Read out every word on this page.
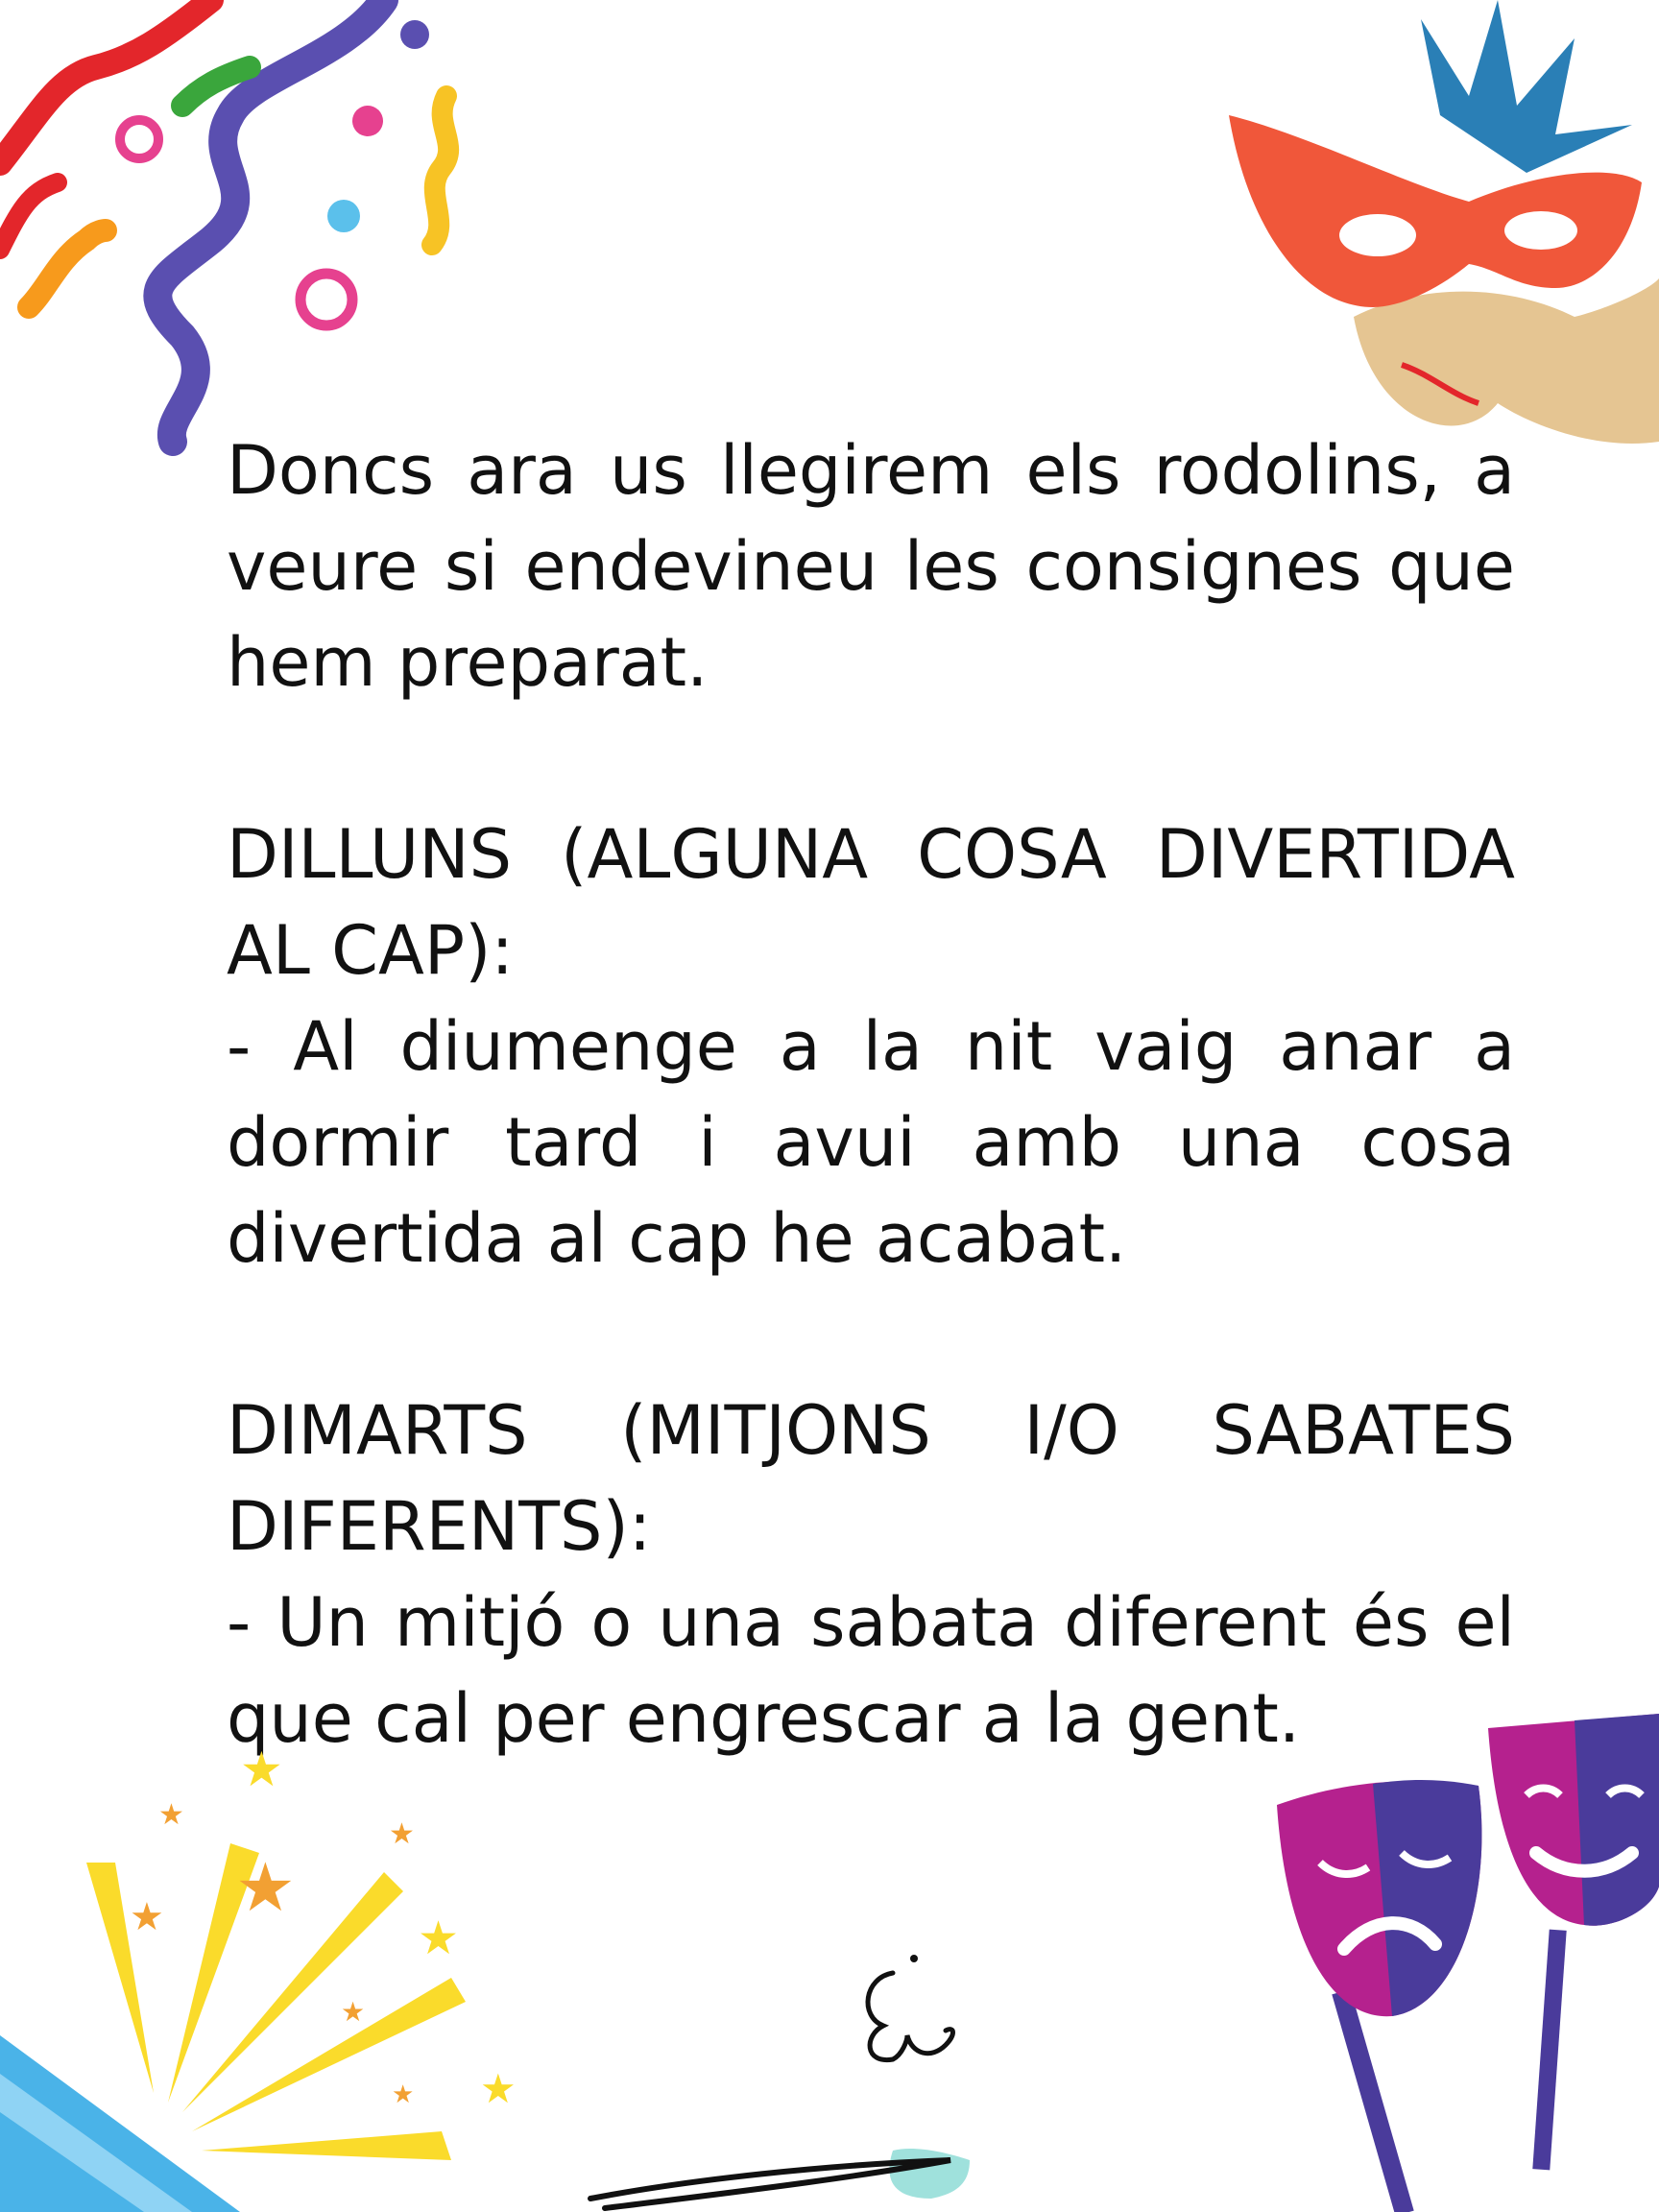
Doncs ara us llegirem els rodolins, a veure si endevineu les consignes que hem preparat.

DILLUNS (ALGUNA COSA DIVERTIDA AL CAP):

- Al diumenge a la nit vaig anar a dormir tard i avui amb una cosa divertida al cap he acabat.

DIMARTS (MITJONS I/O SABATES DIFERENTS):

- Un mitjó o una sabata diferent és el que cal per engrescar a la gent.

★
★
★
★
★
★
★
★
★
